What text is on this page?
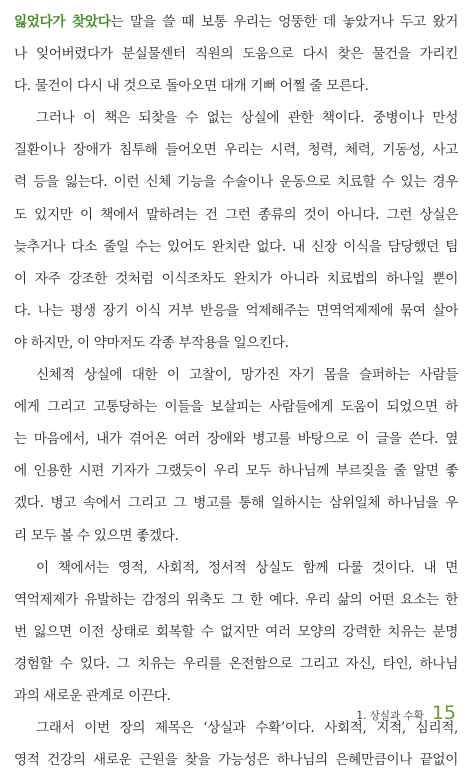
잃었다가 찾았다는 말을 쓸 때 보통 우리는 엉뚱한 데 놓았거나 두고 왔거
나 잊어버렸다가 분실물센터 직원의 도움으로 다시 찾은 물건을 가리킨
다. 물건이 다시 내 것으로 돌아오면 대개 기뻐 어쩔 줄 모른다.
그러나 이 책은 되찾을 수 없는 상실에 관한 책이다. 중병이나 만성
질환이나 장애가 침투해 들어오면 우리는 시력, 청력, 체력, 기동성, 사고
력 등을 잃는다. 이런 신체 기능을 수술이나 운동으로 치료할 수 있는 경우
도 있지만 이 책에서 말하려는 건 그런 종류의 것이 아니다. 그런 상실은
늦추거나 다소 줄일 수는 있어도 완치란 없다. 내 신장 이식을 담당했던 팀
이 자주 강조한 것처럼 이식조차도 완치가 아니라 치료법의 하나일 뿐이
다. 나는 평생 장기 이식 거부 반응을 억제해주는 면역억제제에 묶여 살아
야 하지만, 이 약마저도 각종 부작용을 일으킨다.
신체적 상실에 대한 이 고찰이, 망가진 자기 몸을 슬퍼하는 사람들
에게 그리고 고통당하는 이들을 보살피는 사람들에게 도움이 되었으면 하
는 마음에서, 내가 겪어온 여러 장애와 병고를 바탕으로 이 글을 쓴다. 옆
에 인용한 시편 기자가 그랬듯이 우리 모두 하나님께 부르짖을 줄 알면 좋
겠다. 병고 속에서 그리고 그 병고를 통해 일하시는 삼위일체 하나님을 우
리 모두 볼 수 있으면 좋겠다.
이 책에서는 영적, 사회적, 정서적 상실도 함께 다룰 것이다. 내 면
역억제제가 유발하는 감정의 위축도 그 한 예다. 우리 삶의 어떤 요소는 한
번 잃으면 이전 상태로 회복할 수 없지만 여러 모양의 강력한 치유는 분명
경험할 수 있다. 그 치유는 우리를 온전함으로 그리고 자신, 타인, 하나님
과의 새로운 관계로 이끈다.
그래서 이번 장의 제목은 ‘상실과 수확’이다. 사회적, 지적, 심리적,
영적 건강의 새로운 근원을 찾을 가능성은 하나님의 은혜만큼이나 끝없이
1. 상실과 수확 15
